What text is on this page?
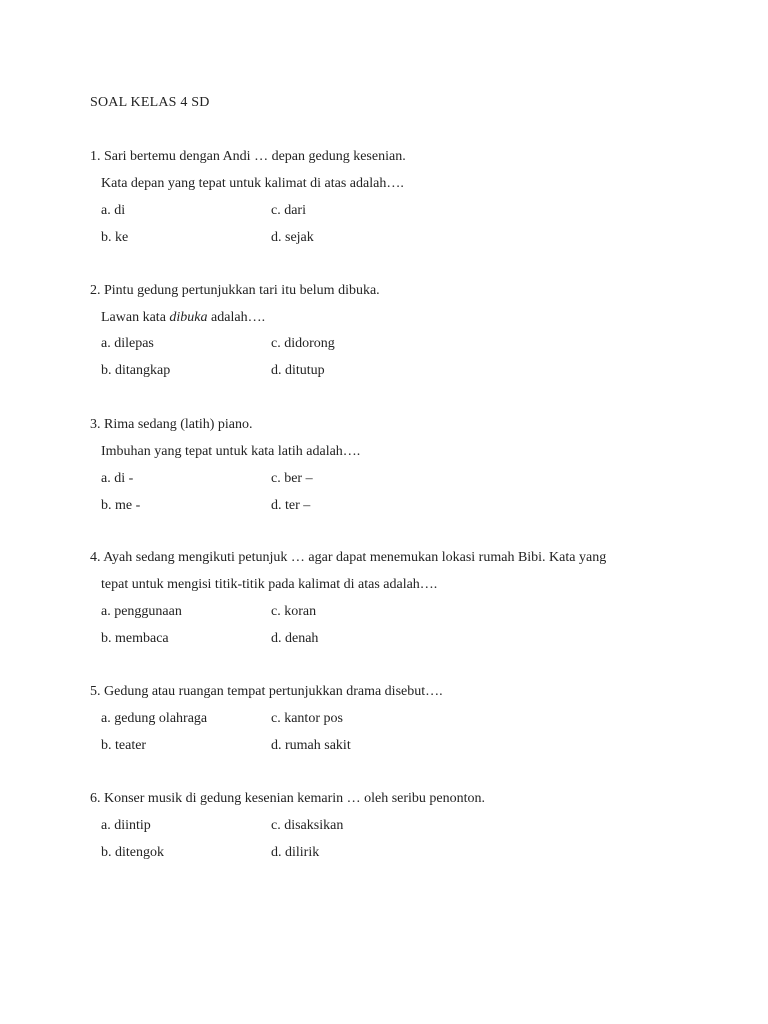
SOAL KELAS 4 SD
1. Sari bertemu dengan Andi … depan gedung kesenian.
Kata depan yang tepat untuk kalimat di atas adalah….
a. di	c. dari
b. ke	d. sejak
2. Pintu gedung pertunjukkan tari itu belum dibuka.
Lawan kata dibuka adalah….
a. dilepas	c. didorong
b. ditangkap	d. ditutup
3. Rima sedang (latih) piano.
Imbuhan yang tepat untuk kata latih adalah….
a. di -	c. ber –
b. me -	d. ter –
4. Ayah sedang mengikuti petunjuk … agar dapat menemukan lokasi rumah Bibi. Kata yang
tepat untuk mengisi titik-titik pada kalimat di atas adalah….
a. penggunaan	c. koran
b. membaca	d. denah
5. Gedung atau ruangan tempat pertunjukkan drama disebut….
a. gedung olahraga	c. kantor pos
b. teater	d. rumah sakit
6. Konser musik di gedung kesenian kemarin … oleh seribu penonton.
a. diintip	c. disaksikan
b. ditengok	d. dilirik
